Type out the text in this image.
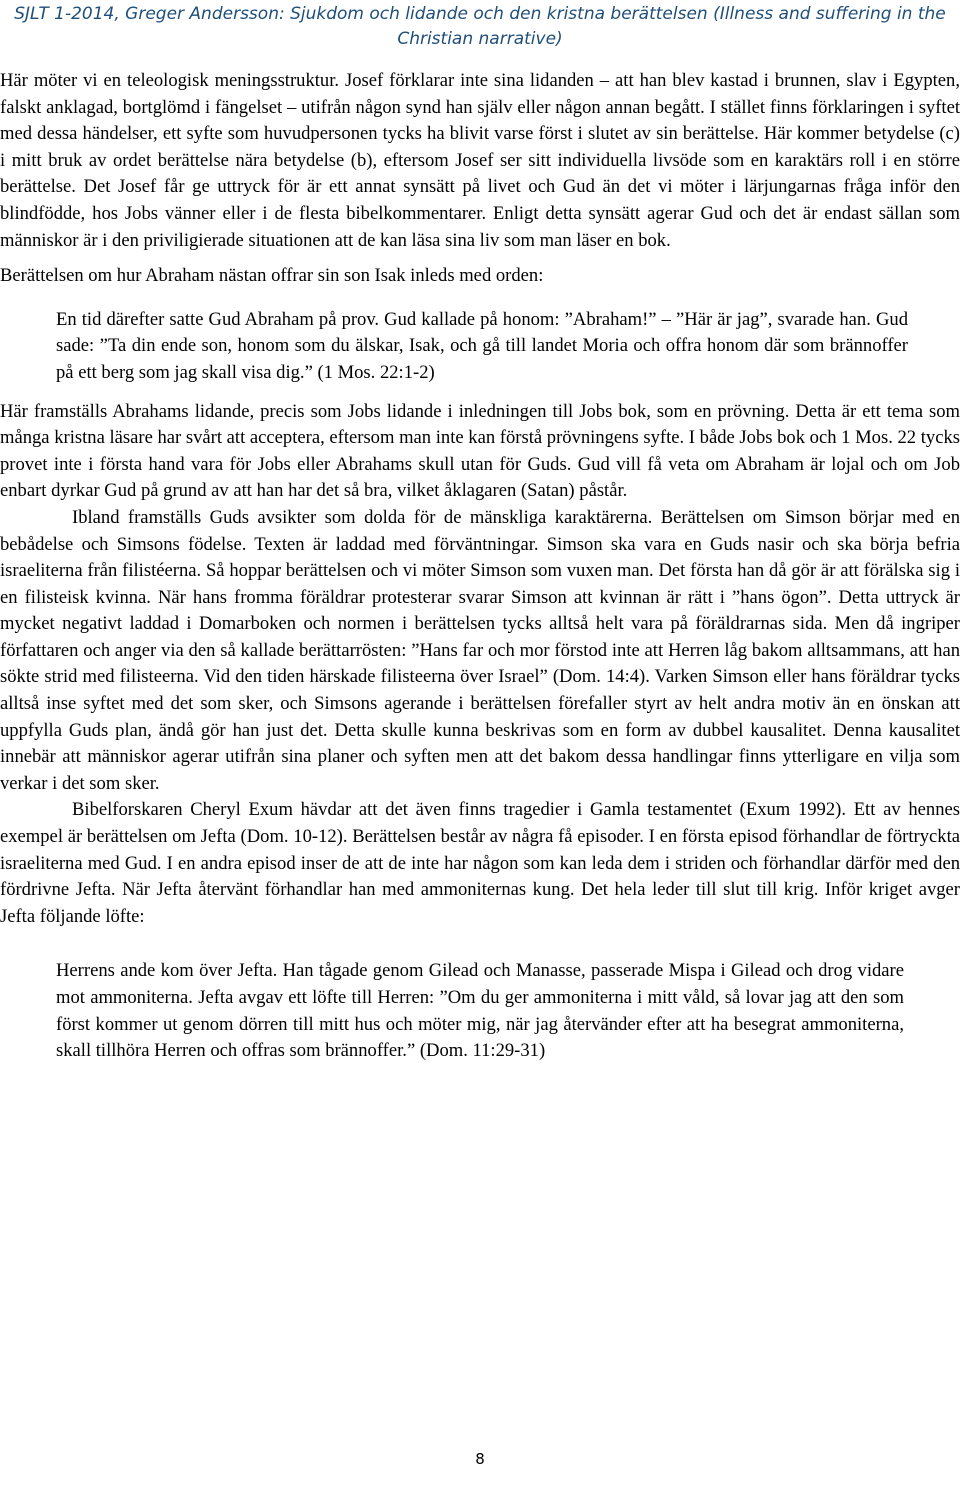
SJLT 1-2014, Greger Andersson: Sjukdom och lidande och den kristna berättelsen (Illness and suffering in the
Christian narrative)

Här möter vi en teleologisk meningsstruktur. Josef förklarar inte sina lidanden – att han blev kastad i brunnen, slav i Egypten, falskt anklagad, bortglömd i fängelset – utifrån någon synd han själv eller någon annan begått. I stället finns förklaringen i syftet med dessa händelser, ett syfte som huvudpersonen tycks ha blivit varse först i slutet av sin berättelse. Här kommer betydelse (c) i mitt bruk av ordet berättelse nära betydelse (b), eftersom Josef ser sitt individuella livsöde som en karaktärs roll i en större berättelse. Det Josef får ge uttryck för är ett annat synsätt på livet och Gud än det vi möter i lärjungarnas fråga inför den blindfödde, hos Jobs vänner eller i de flesta bibelkommentarer. Enligt detta synsätt agerar Gud och det är endast sällan som människor är i den priviligierade situationen att de kan läsa sina liv som man läser en bok.

Berättelsen om hur Abraham nästan offrar sin son Isak inleds med orden:

En tid därefter satte Gud Abraham på prov. Gud kallade på honom: ”Abraham!” – ”Här är jag”, svarade han. Gud sade: ”Ta din ende son, honom som du älskar, Isak, och gå till landet Moria och offra honom där som brännoffer på ett berg som jag skall visa dig.” (1 Mos. 22:1-2)

Här framställs Abrahams lidande, precis som Jobs lidande i inledningen till Jobs bok, som en prövning. Detta är ett tema som många kristna läsare har svårt att acceptera, eftersom man inte kan förstå prövningens syfte. I både Jobs bok och 1 Mos. 22 tycks provet inte i första hand vara för Jobs eller Abrahams skull utan för Guds. Gud vill få veta om Abraham är lojal och om Job enbart dyrkar Gud på grund av att han har det så bra, vilket åklagaren (Satan) påstår.

Ibland framställs Guds avsikter som dolda för de mänskliga karaktärerna. Berättelsen om Simson börjar med en bebådelse och Simsons födelse. Texten är laddad med förväntningar. Simson ska vara en Guds nasir och ska börja befria israeliterna från filistéerna. Så hoppar berättelsen och vi möter Simson som vuxen man. Det första han då gör är att förälska sig i en filisteisk kvinna. När hans fromma föräldrar protesterar svarar Simson att kvinnan är rätt i ”hans ögon”. Detta uttryck är mycket negativt laddad i Domarboken och normen i berättelsen tycks alltså helt vara på föräldrarnas sida. Men då ingriper författaren och anger via den så kallade berättarrösten: ”Hans far och mor förstod inte att Herren låg bakom alltsammans, att han sökte strid med filisteerna. Vid den tiden härskade filisteerna över Israel” (Dom. 14:4). Varken Simson eller hans föräldrar tycks alltså inse syftet med det som sker, och Simsons agerande i berättelsen förefaller styrt av helt andra motiv än en önskan att uppfylla Guds plan, ändå gör han just det. Detta skulle kunna beskrivas som en form av dubbel kausalitet. Denna kausalitet innebär att människor agerar utifrån sina planer och syften men att det bakom dessa handlingar finns ytterligare en vilja som verkar i det som sker.

Bibelforskaren Cheryl Exum hävdar att det även finns tragedier i Gamla testamentet (Exum 1992). Ett av hennes exempel är berättelsen om Jefta (Dom. 10-12). Berättelsen består av några få episoder. I en första episod förhandlar de förtryckta israeliterna med Gud. I en andra episod inser de att de inte har någon som kan leda dem i striden och förhandlar därför med den fördrivne Jefta. När Jefta återvänt förhandlar han med ammoniternas kung. Det hela leder till slut till krig. Inför kriget avger Jefta följande löfte:

Herrens ande kom över Jefta. Han tågade genom Gilead och Manasse, passerade Mispa i Gilead och drog vidare mot ammoniterna. Jefta avgav ett löfte till Herren: ”Om du ger ammoniterna i mitt våld, så lovar jag att den som först kommer ut genom dörren till mitt hus och möter mig, när jag återvänder efter att ha besegrat ammoniterna, skall tillhöra Herren och offras som brännoffer.” (Dom. 11:29-31)

8
